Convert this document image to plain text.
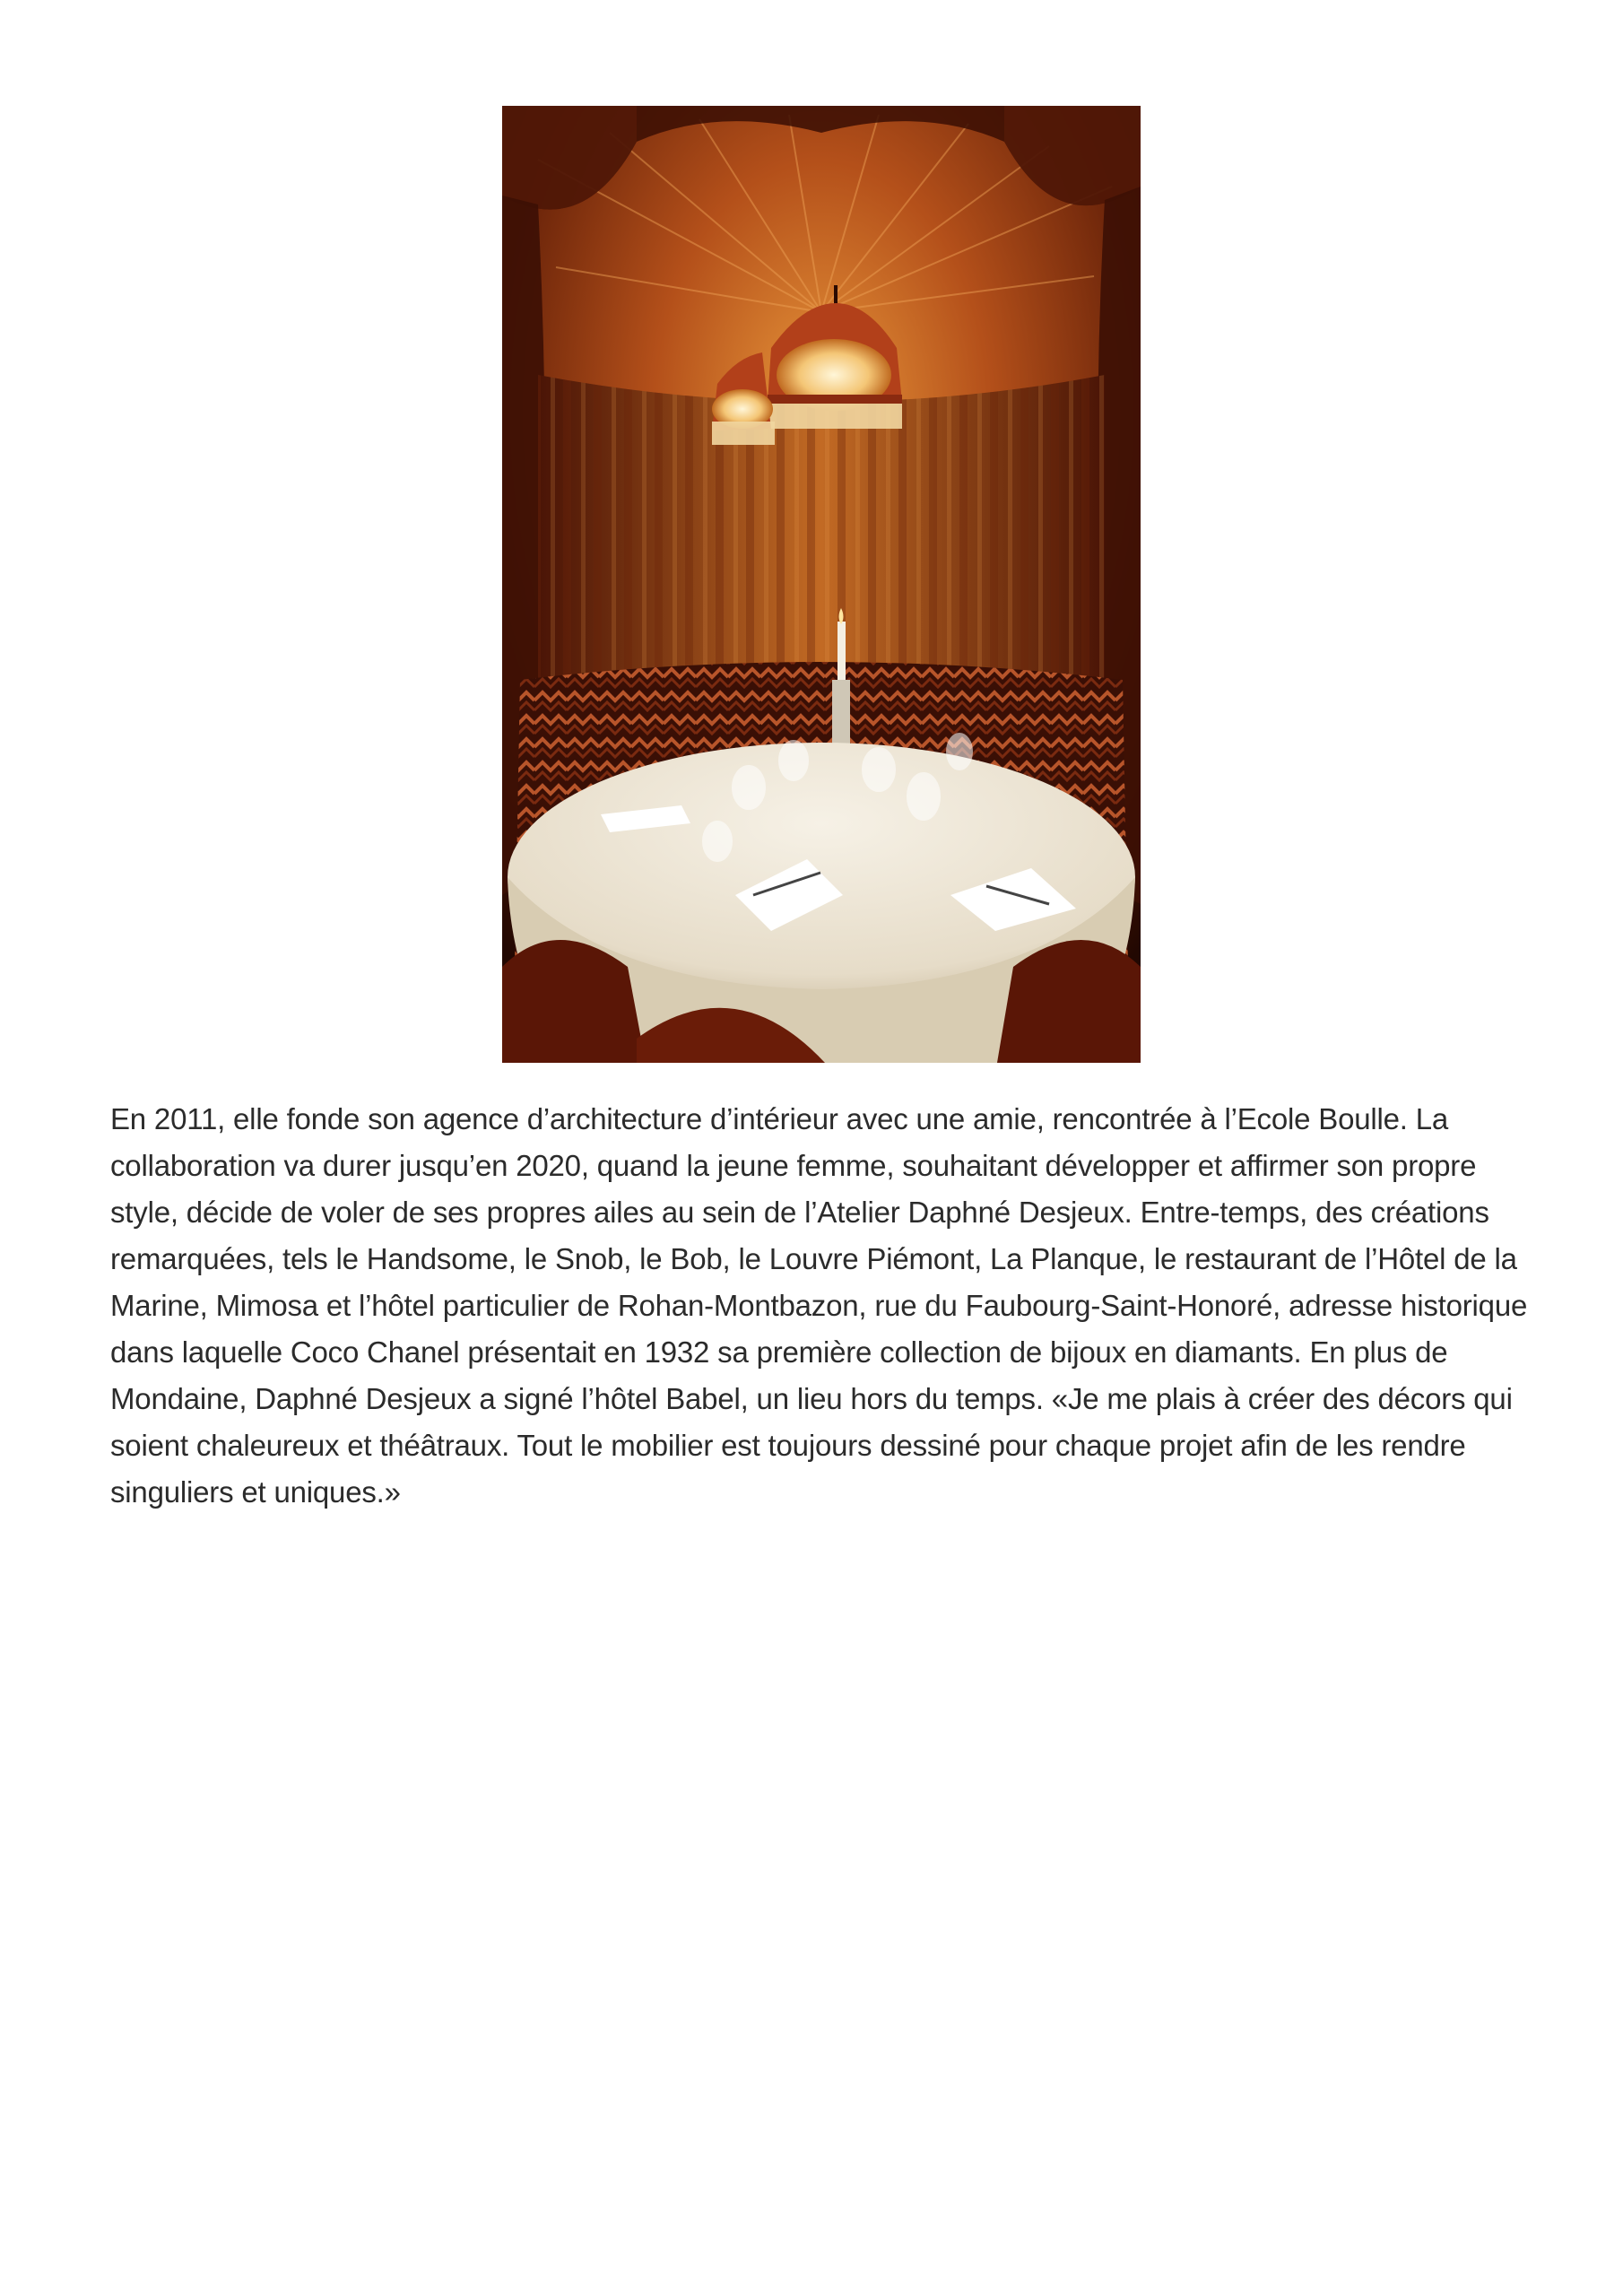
En 2011, elle fonde son agence d’architecture d’intérieur avec une amie, rencontrée à l’Ecole Boulle. La collaboration va durer jusqu’en 2020, quand la jeune femme, souhaitant développer et affirmer son propre style, décide de voler de ses propres ailes au sein de l’Atelier Daphné Desjeux. Entre-temps, des créations remarquées, tels le Handsome, le Snob, le Bob, le Louvre Piémont, La Planque, le restaurant de l’Hôtel de la Marine, Mimosa et l’hôtel particulier de Rohan-Montbazon, rue du Faubourg-Saint-Honoré, adresse historique dans laquelle Coco Chanel présentait en 1932 sa première collection de bijoux en diamants. En plus de Mondaine, Daphné Desjeux a signé l’hôtel Babel, un lieu hors du temps. «Je me plais à créer des décors qui soient chaleureux et théâtraux. Tout le mobilier est toujours dessiné pour chaque projet afin de les rendre singuliers et uniques.»
